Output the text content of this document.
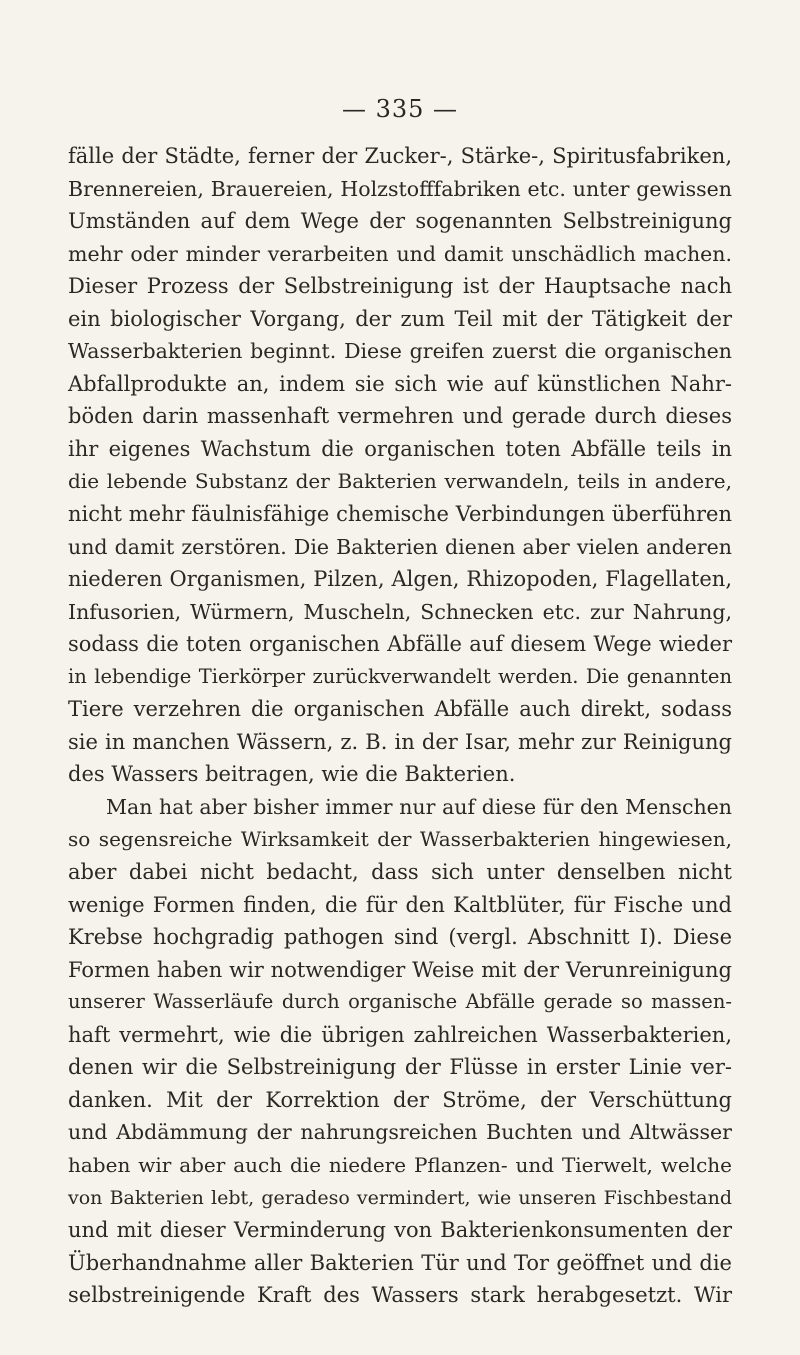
— 335 —
fälle der Städte, ferner der Zucker-, Stärke-, Spiritusfabriken,
Brennereien, Brauereien, Holzstofffabriken etc. unter gewissen
Umständen auf dem Wege der sogenannten Selbstreinigung
mehr oder minder verarbeiten und damit unschädlich machen.
Dieser Prozess der Selbstreinigung ist der Hauptsache nach
ein biologischer Vorgang, der zum Teil mit der Tätigkeit der
Wasserbakterien beginnt. Diese greifen zuerst die organischen
Abfallprodukte an, indem sie sich wie auf künstlichen Nahr-
böden darin massenhaft vermehren und gerade durch dieses
ihr eigenes Wachstum die organischen toten Abfälle teils in
die lebende Substanz der Bakterien verwandeln, teils in andere,
nicht mehr fäulnisfähige chemische Verbindungen überführen
und damit zerstören. Die Bakterien dienen aber vielen anderen
niederen Organismen, Pilzen, Algen, Rhizopoden, Flagellaten,
Infusorien, Würmern, Muscheln, Schnecken etc. zur Nahrung,
sodass die toten organischen Abfälle auf diesem Wege wieder
in lebendige Tierkörper zurückverwandelt werden. Die genannten
Tiere verzehren die organischen Abfälle auch direkt, sodass
sie in manchen Wässern, z. B. in der Isar, mehr zur Reinigung
des Wassers beitragen, wie die Bakterien.
Man hat aber bisher immer nur auf diese für den Menschen
so segensreiche Wirksamkeit der Wasserbakterien hingewiesen,
aber dabei nicht bedacht, dass sich unter denselben nicht
wenige Formen finden, die für den Kaltblüter, für Fische und
Krebse hochgradig pathogen sind (vergl. Abschnitt I). Diese
Formen haben wir notwendiger Weise mit der Verunreinigung
unserer Wasserläufe durch organische Abfälle gerade so massen-
haft vermehrt, wie die übrigen zahlreichen Wasserbakterien,
denen wir die Selbstreinigung der Flüsse in erster Linie ver-
danken. Mit der Korrektion der Ströme, der Verschüttung
und Abdämmung der nahrungsreichen Buchten und Altwässer
haben wir aber auch die niedere Pflanzen- und Tierwelt, welche
von Bakterien lebt, geradeso vermindert, wie unseren Fischbestand
und mit dieser Verminderung von Bakterienkonsumenten der
Überhandnahme aller Bakterien Tür und Tor geöffnet und die
selbstreinigende Kraft des Wassers stark herabgesetzt. Wir
